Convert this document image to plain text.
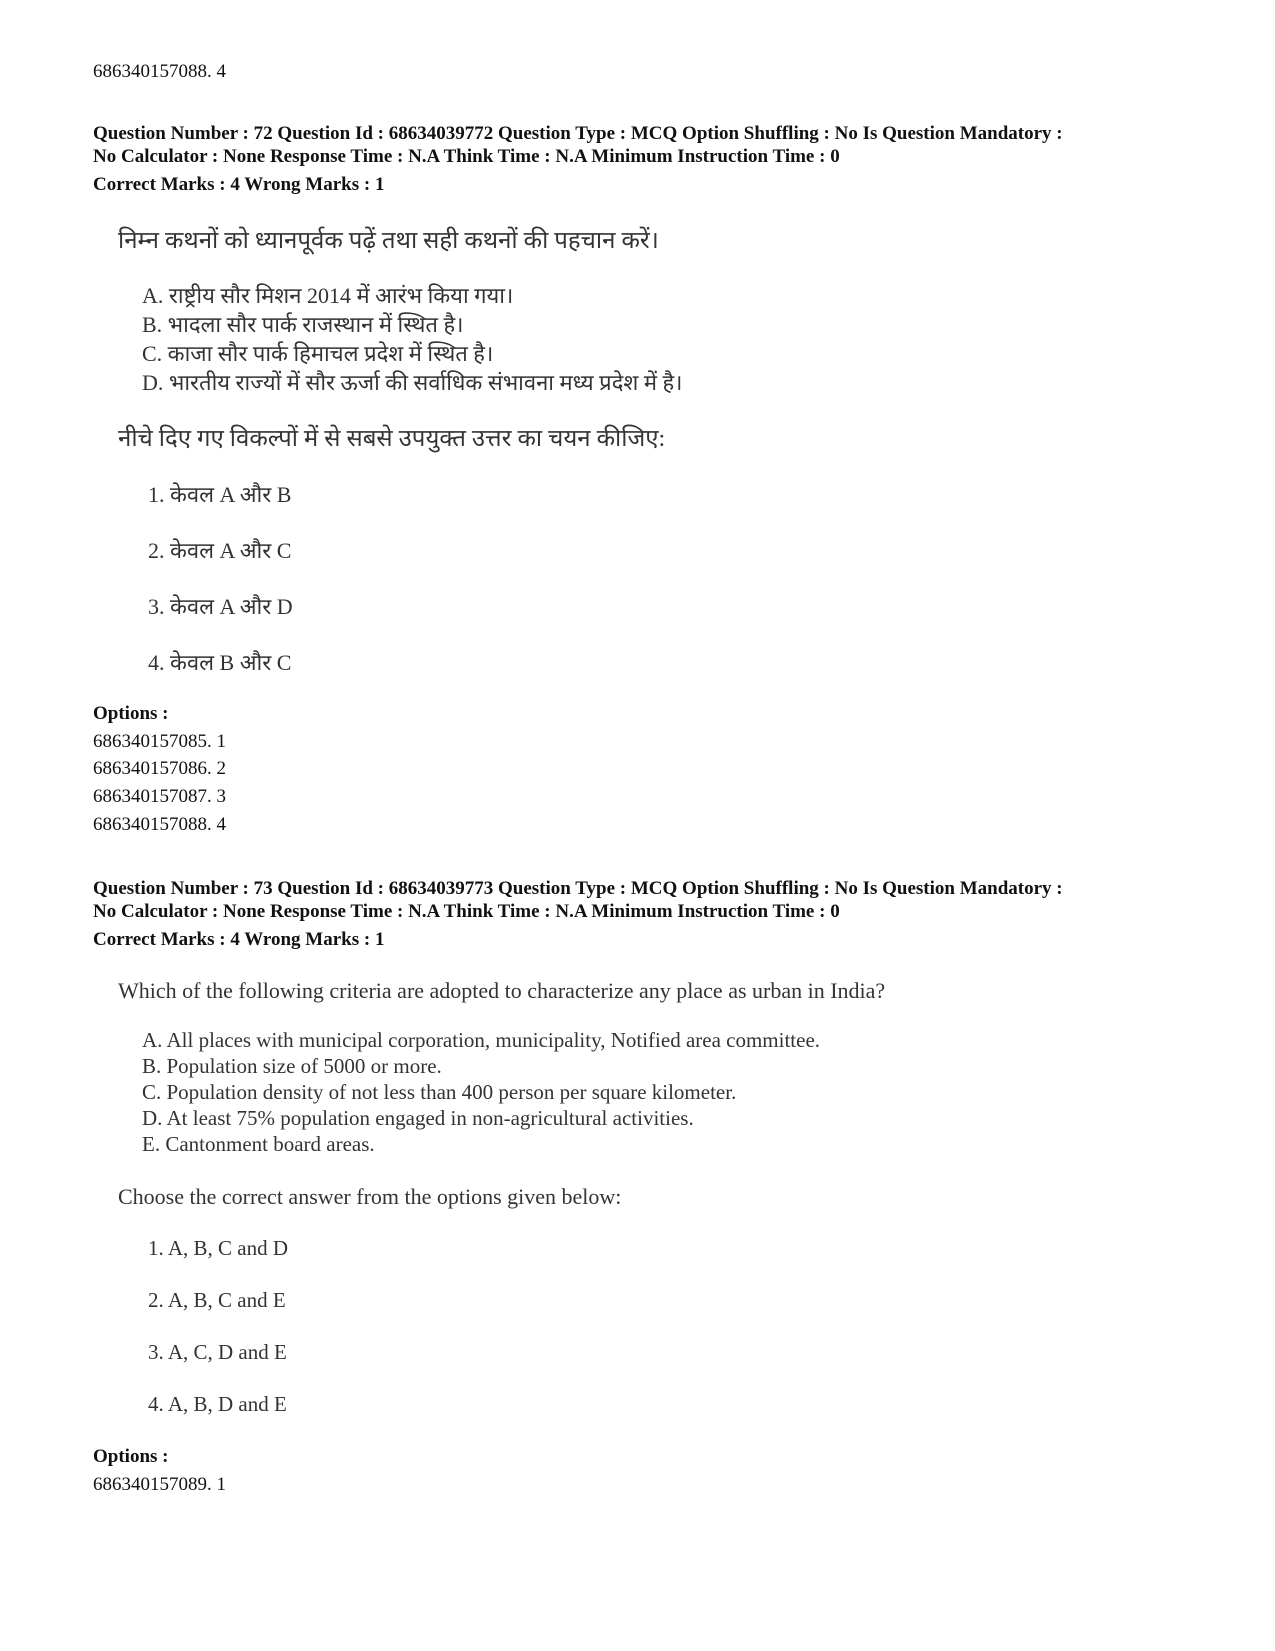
686340157088. 4
Question Number : 72 Question Id : 68634039772 Question Type : MCQ Option Shuffling : No Is Question Mandatory :
No Calculator : None Response Time : N.A Think Time : N.A Minimum Instruction Time : 0
Correct Marks : 4 Wrong Marks : 1
निम्न कथनों को ध्यानपूर्वक पढ़ें तथा सही कथनों की पहचान करें।
A. राष्ट्रीय सौर मिशन 2014 में आरंभ किया गया।
B. भादला सौर पार्क राजस्थान में स्थित है।
C. काजा सौर पार्क हिमाचल प्रदेश में स्थित है।
D. भारतीय राज्यों में सौर ऊर्जा की सर्वाधिक संभावना मध्य प्रदेश में है।
नीचे दिए गए विकल्पों में से सबसे उपयुक्त उत्तर का चयन कीजिए:
1. केवल A और B
2. केवल A और C
3. केवल A और D
4. केवल B और C
Options :
686340157085. 1
686340157086. 2
686340157087. 3
686340157088. 4
Question Number : 73 Question Id : 68634039773 Question Type : MCQ Option Shuffling : No Is Question Mandatory :
No Calculator : None Response Time : N.A Think Time : N.A Minimum Instruction Time : 0
Correct Marks : 4 Wrong Marks : 1
Which of the following criteria are adopted to characterize any place as urban in India?
A. All places with municipal corporation, municipality, Notified area committee.
B. Population size of 5000 or more.
C. Population density of not less than 400 person per square kilometer.
D. At least 75% population engaged in non-agricultural activities.
E. Cantonment board areas.
Choose the correct answer from the options given below:
1. A, B, C and D
2. A, B, C and E
3. A, C, D and E
4. A, B, D and E
Options :
686340157089. 1
